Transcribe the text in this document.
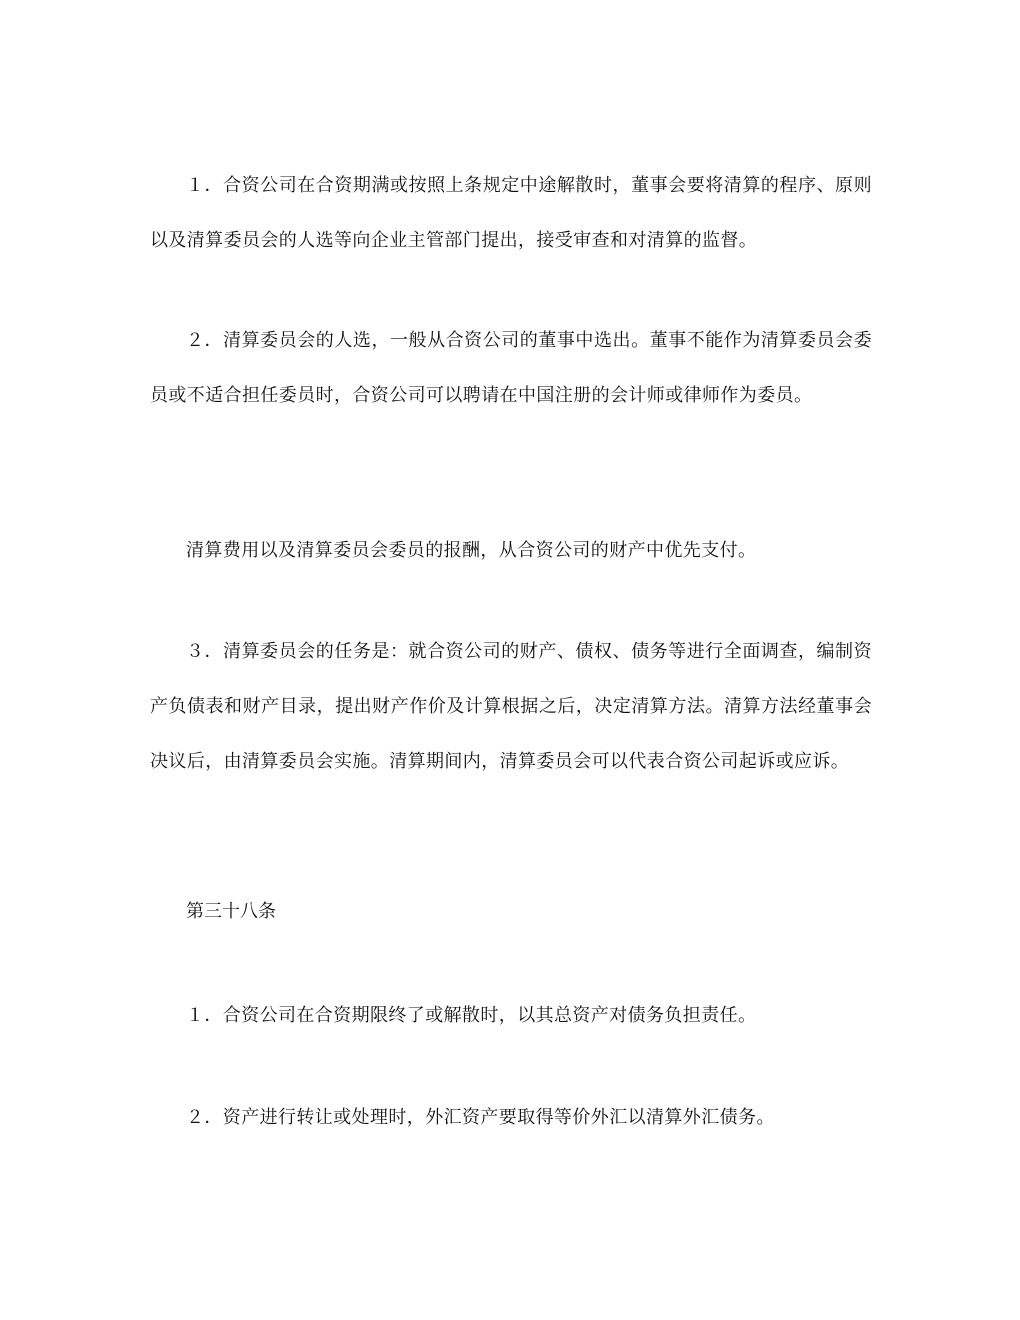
１．合资公司在合资期满或按照上条规定中途解散时，董事会要将清算的程序、原则以及清算委员会的人选等向企业主管部门提出，接受审查和对清算的监督。

２．清算委员会的人选，一般从合资公司的董事中选出。董事不能作为清算委员会委员或不适合担任委员时，合资公司可以聘请在中国注册的会计师或律师作为委员。

清算费用以及清算委员会委员的报酬，从合资公司的财产中优先支付。

３．清算委员会的任务是：就合资公司的财产、债权、债务等进行全面调查，编制资产负债表和财产目录，提出财产作价及计算根据之后，决定清算方法。清算方法经董事会决议后，由清算委员会实施。清算期间内，清算委员会可以代表合资公司起诉或应诉。

第三十八条

１．合资公司在合资期限终了或解散时，以其总资产对债务负担责任。

２．资产进行转让或处理时，外汇资产要取得等价外汇以清算外汇债务。
